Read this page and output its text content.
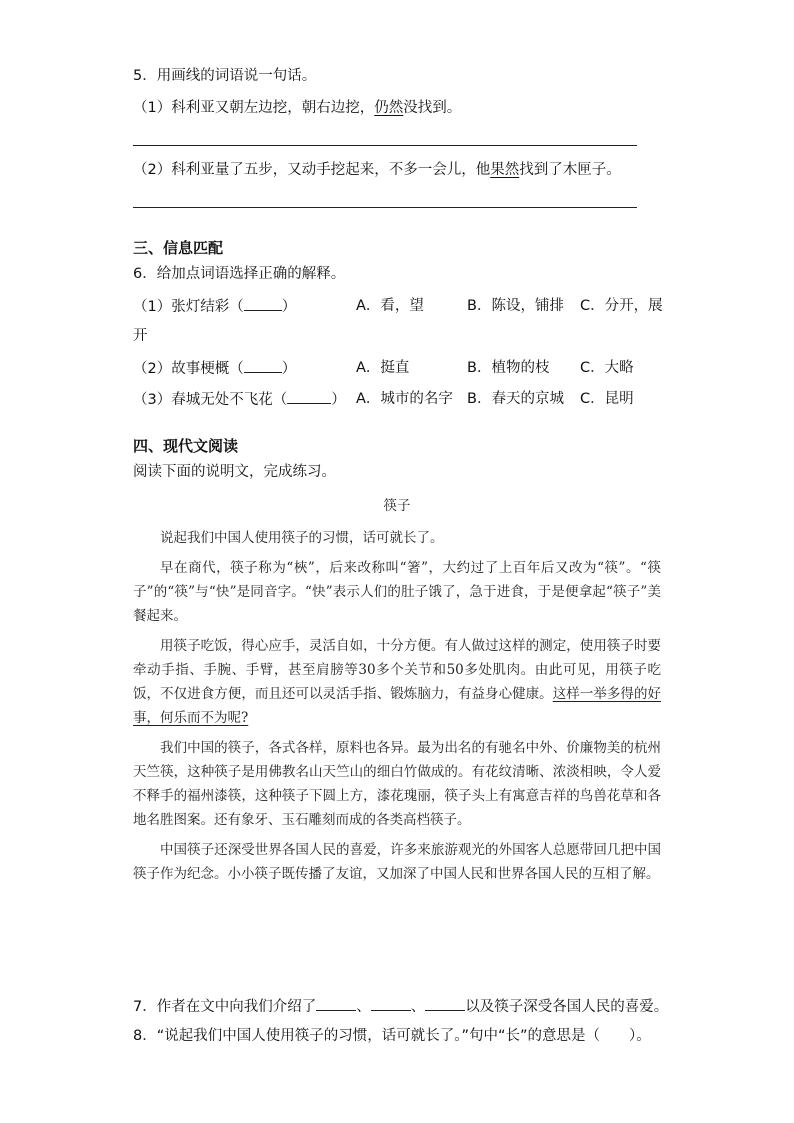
5．用画线的词语说一句话。
（1）科利亚又朝左边挖，朝右边挖，仍然没找到。
（2）科利亚量了五步，又动手挖起来，不多一会儿，他果然找到了木匣子。
三、信息匹配
6．给加点词语选择正确的解释。
（1）张灯结彩（	）	A．看，望	B．陈设，铺排 C．分开，展
开
（2）故事梗概（	）	A．挺直	B．植物的枝 C．大略
（3）春城无处不飞花（	） A．城市的名字 B．春天的京城 C．昆明
四、现代文阅读
阅读下面的说明文，完成练习。

筷子

说起我们中国人使用筷子的习惯，话可就长了。

早在商代，筷子称为“梜”，后来改称叫“箸”，大约过了上百年后又改为“筷”。“筷子”的“筷”与“快”是同音字。“快”表示人们的肚子饿了，急于进食，于是便拿起“筷子”美餐起来。

用筷子吃饭，得心应手，灵活自如，十分方便。有人做过这样的测定，使用筷子时要牵动手指、手腕、手臂，甚至肩膀等30多个关节和50多处肌肉。由此可见，用筷子吃饭，不仅进食方便，而且还可以灵活手指、锻炼脑力，有益身心健康。这样一举多得的好事，何乐而不为呢?

我们中国的筷子，各式各样，原料也各异。最为出名的有驰名中外、价廉物美的杭州天竺筷，这种筷子是用佛教名山天竺山的细白竹做成的。有花纹清晰、浓淡相映，令人爱不释手的福州漆筷，这种筷子下圆上方，漆花瑰丽，筷子头上有寓意吉祥的鸟兽花草和各地名胜图案。还有象牙、玉石雕刻而成的各类高档筷子。

中国筷子还深受世界各国人民的喜爱，许多来旅游观光的外国客人总愿带回几把中国筷子作为纪念。小小筷子既传播了友谊，又加深了中国人民和世界各国人民的互相了解。

7．作者在文中向我们介绍了	、	、	以及筷子深受各国人民的喜爱。
8．“说起我们中国人使用筷子的习惯，话可就长了。”句中“长”的意思是（　　）。
